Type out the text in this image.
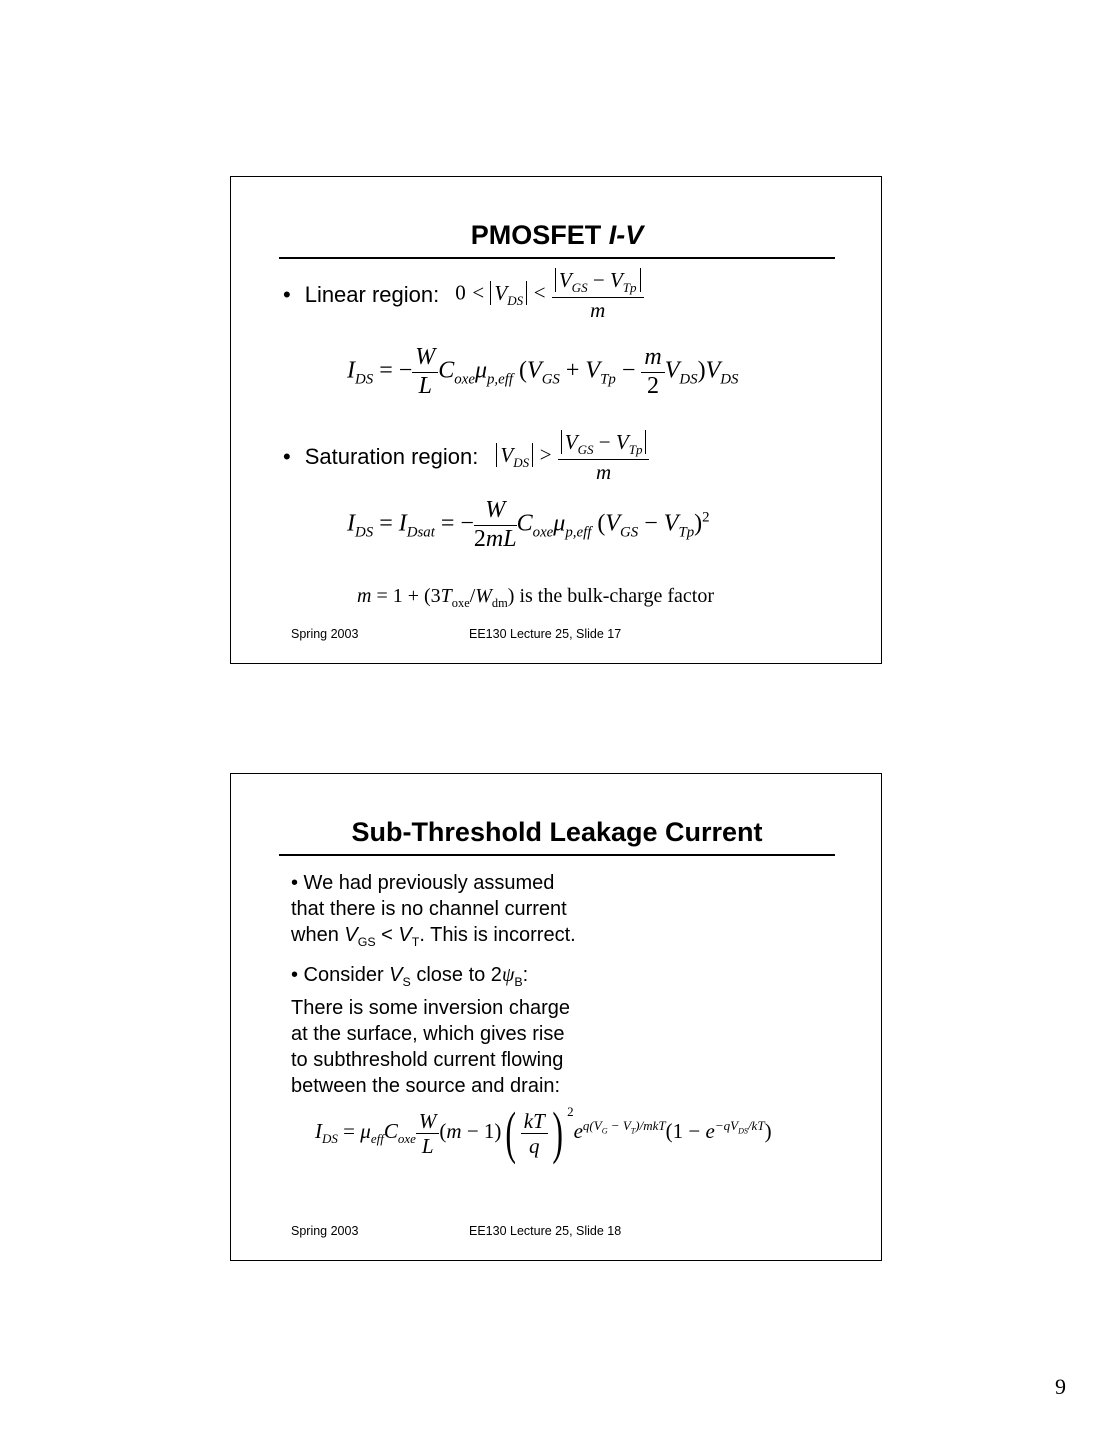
PMOSFET I-V
• Linear region: $0 < V_{DS} < \frac{V_{GS} - V_{Tp}}{m}$
$I_{DS}$ = − $\frac{W}{L} C_{oxe}\mu_{p,eff}$ $(V_{GS} + V_{Tp} - \frac{m}{2} V_{DS})V_{DS}$
• Saturation region: $V_{DS} > \frac{V_{GS} - V_{Tp}}{m}$
$I_{DS} = I_{Dsat}$ = − $\frac{W}{2mL} C_{oxe}\mu_{p,eff}$ $(V_{GS} - V_{Tp})^2$
$m = 1 + (3T_{oxe}/W_{dm})$ is the bulk-charge factor
Spring 2003	EE130 Lecture 25, Slide 17
Sub-Threshold Leakage Current

• We had previously assumed

that there is no channel current

when $V_{GS} < V_T$. This is incorrect.

• Consider $V_S$ close to $2\psi_B$:

There is some inversion charge

at the surface, which gives rise

to subthreshold current flowing

between the source and drain:

$I_{DS} = \mu_{eff}C_{oxe} \frac{W}{L} (m - 1)( \frac{kT}{q}$ ) $^2e^{q(V_G - V_T)/mkT}(1 - e^{-qV_{DS}/kT})$
Spring 2003	EE130 Lecture 25, Slide 18
9
